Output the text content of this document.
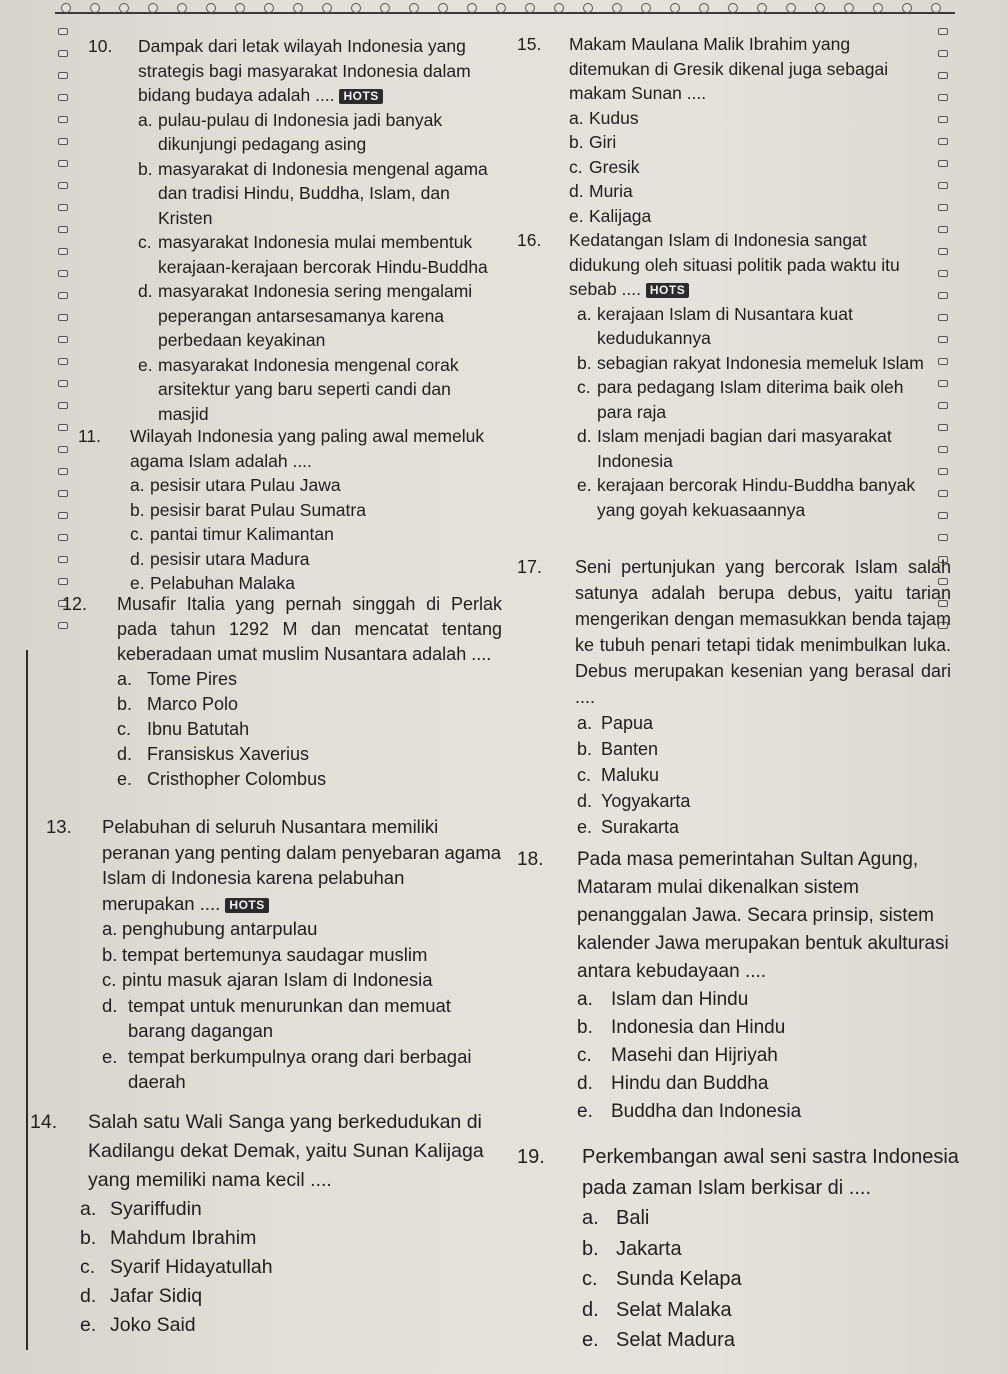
10. Dampak dari letak wilayah Indonesia yang strategis bagi masyarakat Indonesia dalam bidang budaya adalah .... HOTS
a. pulau-pulau di Indonesia jadi banyak dikunjungi pedagang asing
b. masyarakat di Indonesia mengenal agama dan tradisi Hindu, Buddha, Islam, dan Kristen
c. masyarakat Indonesia mulai membentuk kerajaan-kerajaan bercorak Hindu-Buddha
d. masyarakat Indonesia sering mengalami peperangan antarsesamanya karena perbedaan keyakinan
e. masyarakat Indonesia mengenal corak arsitektur yang baru seperti candi dan masjid
11. Wilayah Indonesia yang paling awal memeluk agama Islam adalah ....
a. pesisir utara Pulau Jawa
b. pesisir barat Pulau Sumatra
c. pantai timur Kalimantan
d. pesisir utara Madura
e. Pelabuhan Malaka
12. Musafir Italia yang pernah singgah di Perlak pada tahun 1292 M dan mencatat tentang keberadaan umat muslim Nusantara adalah ....
a. Tome Pires
b. Marco Polo
c. Ibnu Batutah
d. Fransiskus Xaverius
e. Cristhopher Colombus
13. Pelabuhan di seluruh Nusantara memiliki peranan yang penting dalam penyebaran agama Islam di Indonesia karena pelabuhan merupakan .... HOTS
a. penghubung antarpulau
b. tempat bertemunya saudagar muslim
c. pintu masuk ajaran Islam di Indonesia
d. tempat untuk menurunkan dan memuat barang dagangan
e. tempat berkumpulnya orang dari berbagai daerah
14. Salah satu Wali Sanga yang berkedudukan di Kadilangu dekat Demak, yaitu Sunan Kalijaga yang memiliki nama kecil ....
a. Syariffudin
b. Mahdum Ibrahim
c. Syarif Hidayatullah
d. Jafar Sidiq
e. Joko Said
15. Makam Maulana Malik Ibrahim yang ditemukan di Gresik dikenal juga sebagai makam Sunan ....
a. Kudus
b. Giri
c. Gresik
d. Muria
e. Kalijaga
16. Kedatangan Islam di Indonesia sangat didukung oleh situasi politik pada waktu itu sebab .... HOTS
a. kerajaan Islam di Nusantara kuat kedudukannya
b. sebagian rakyat Indonesia memeluk Islam
c. para pedagang Islam diterima baik oleh para raja
d. Islam menjadi bagian dari masyarakat Indonesia
e. kerajaan bercorak Hindu-Buddha banyak yang goyah kekuasaannya
17. Seni pertunjukan yang bercorak Islam salah satunya adalah berupa debus, yaitu tarian mengerikan dengan memasukkan benda tajam ke tubuh penari tetapi tidak menimbulkan luka. Debus merupakan kesenian yang berasal dari ....
a. Papua
b. Banten
c. Maluku
d. Yogyakarta
e. Surakarta
18. Pada masa pemerintahan Sultan Agung, Mataram mulai dikenalkan sistem penanggalan Jawa. Secara prinsip, sistem kalender Jawa merupakan bentuk akulturasi antara kebudayaan ....
a. Islam dan Hindu
b. Indonesia dan Hindu
c. Masehi dan Hijriyah
d. Hindu dan Buddha
e. Buddha dan Indonesia
19. Perkembangan awal seni sastra Indonesia pada zaman Islam berkisar di ....
a. Bali
b. Jakarta
c. Sunda Kelapa
d. Selat Malaka
e. Selat Madura
